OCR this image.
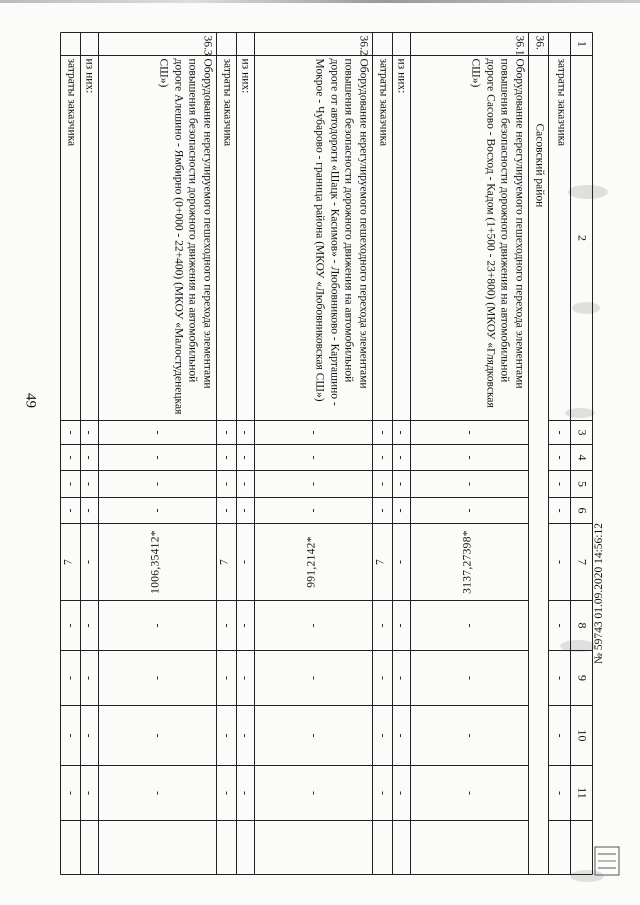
49
1
2
3
4
5
6
7
8
9
10
11
затраты заказчика
-
-
-
-
-
-
-
-
-
36.
Сасовский район
36.1
Оборудование нерегулируемого пешеходного перехода элементами повышения безопасности дорожного движения на автомобильной дороге Сасово - Восход - Кадом (1+500 - 23+800) (МКОУ «Глядковская СШ»)
-
-
-
-
3137,27398*
-
-
-
-
из них:
-
-
-
-
-
-
-
-
-
затраты заказчика
-
-
-
-
7
-
-
-
-
36.2
Оборудование нерегулируемого пешеходного перехода элементами повышения безопасности дорожного движения на автомобильной дороге от автодороги «Шацк - Касимов» - Любовниково - Карташино - Мокрое - Чубарово - граница района (МКОУ «Любовниковская СШ»)
-
-
-
-
991,2142*
-
-
-
-
из них:
-
-
-
-
-
-
-
-
-
затраты заказчика
-
-
-
-
7
-
-
-
-
36.3
Оборудование нерегулируемого пешеходного перехода элементами повышения безопасности дорожного движения на автомобильной дороге Алешино - Ямбирно (0+000 - 22+400) (МКОУ «Малостуденецкая СШ»)
-
-
-
-
1006,35412*
-
-
-
-
из них:
-
-
-
-
-
-
-
-
-
затраты заказчика
-
-
-
-
7
-
-
-
-
№ 59743 01.09.2020 14:56:12
